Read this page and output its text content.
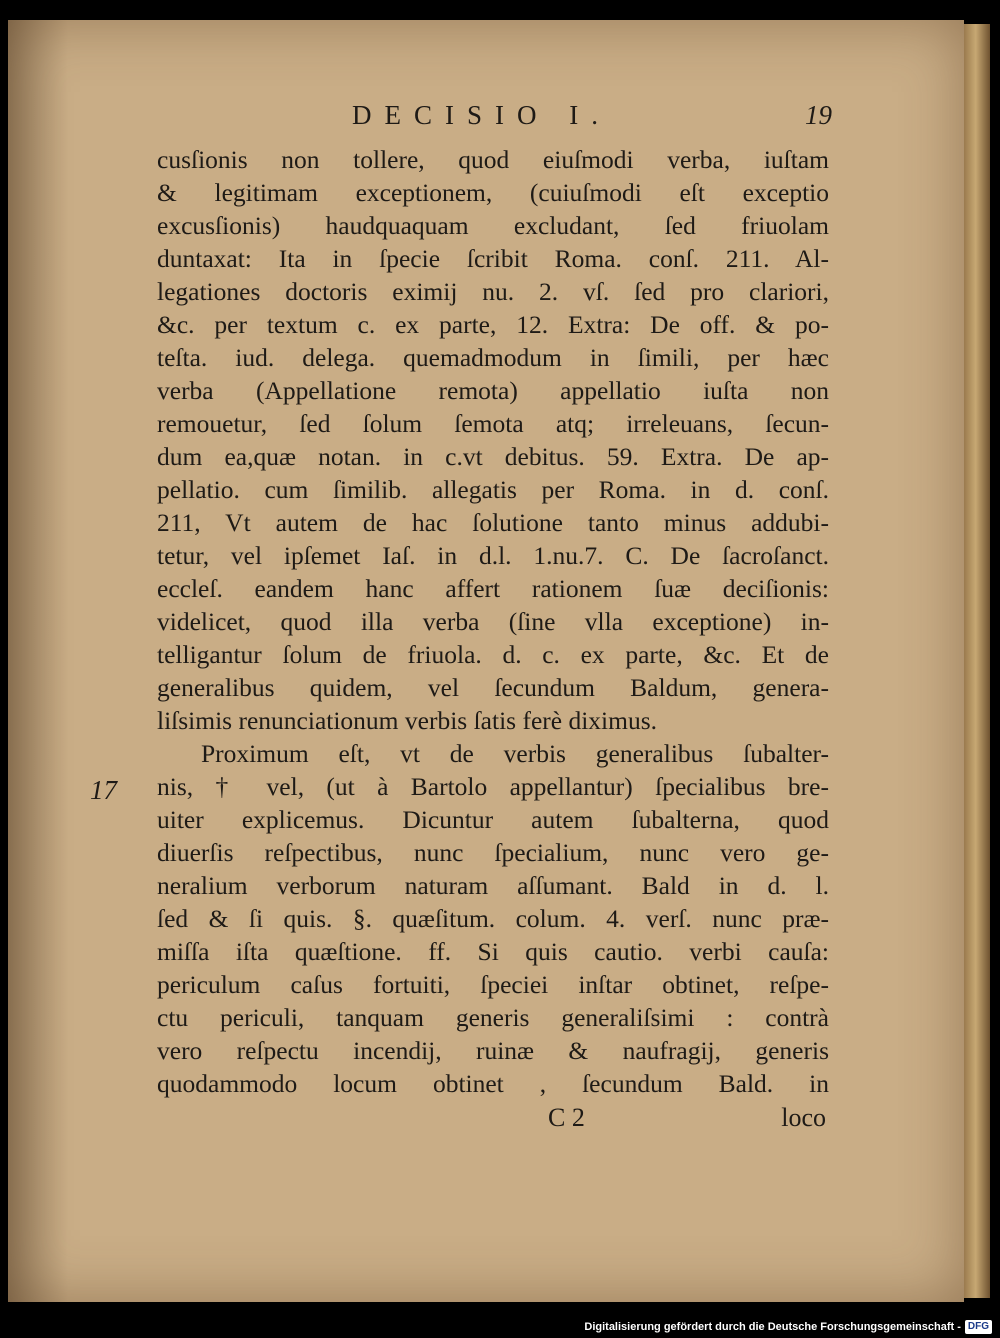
DECISIO I.	19
17
cusſionis non tollere, quod eiuſmodi verba, iuſtam
& legitimam exceptionem, (cuiuſmodi eſt exceptio
excusſionis) haudquaquam excludant, ſed friuolam
duntaxat: Ita in ſpecie ſcribit Roma. conſ. 211. Al-
legationes doctoris eximij nu. 2. vſ. ſed pro clariori,
&c. per textum c. ex parte, 12. Extra: De off. & po-
teſta. iud. delega. quemadmodum in ſimili, per hæc
verba (Appellatione remota) appellatio iuſta non
remouetur, ſed ſolum ſemota atq; irreleuans, ſecun-
dum ea,quæ notan. in c.vt debitus. 59. Extra. De ap-
pellatio. cum ſimilib. allegatis per Roma. in d. conſ.
211, Vt autem de hac ſolutione tanto minus addubi-
tetur, vel ipſemet Iaſ. in d.l. 1.nu.7. C. De ſacroſanct.
eccleſ. eandem hanc affert rationem ſuæ deciſionis:
videlicet, quod illa verba (ſine vlla exceptione) in-
telligantur ſolum de friuola. d. c. ex parte, &c. Et de
generalibus quidem, vel ſecundum Baldum, genera-
liſsimis renunciationum verbis ſatis ferè diximus.
Proximum eſt, vt de verbis generalibus ſubalter-
nis, † vel, (ut à Bartolo appellantur) ſpecialibus bre-
uiter explicemus. Dicuntur autem ſubalterna, quod
diuerſis reſpectibus, nunc ſpecialium, nunc vero ge-
neralium verborum naturam aſſumant. Bald in d. l.
ſed & ſi quis. §. quæſitum. colum. 4. verſ. nunc præ-
miſſa iſta quæſtione. ff. Si quis cautio. verbi cauſa:
periculum caſus fortuiti, ſpeciei inſtar obtinet, reſpe-
ctu periculi, tanquam generis generaliſsimi : contrà
vero reſpectu incendij, ruinæ & naufragij, generis
quodammodo locum obtinet , ſecundum Bald. in
C 2	loco
Digitalisierung gefördert durch die Deutsche Forschungsgemeinschaft - DFG
